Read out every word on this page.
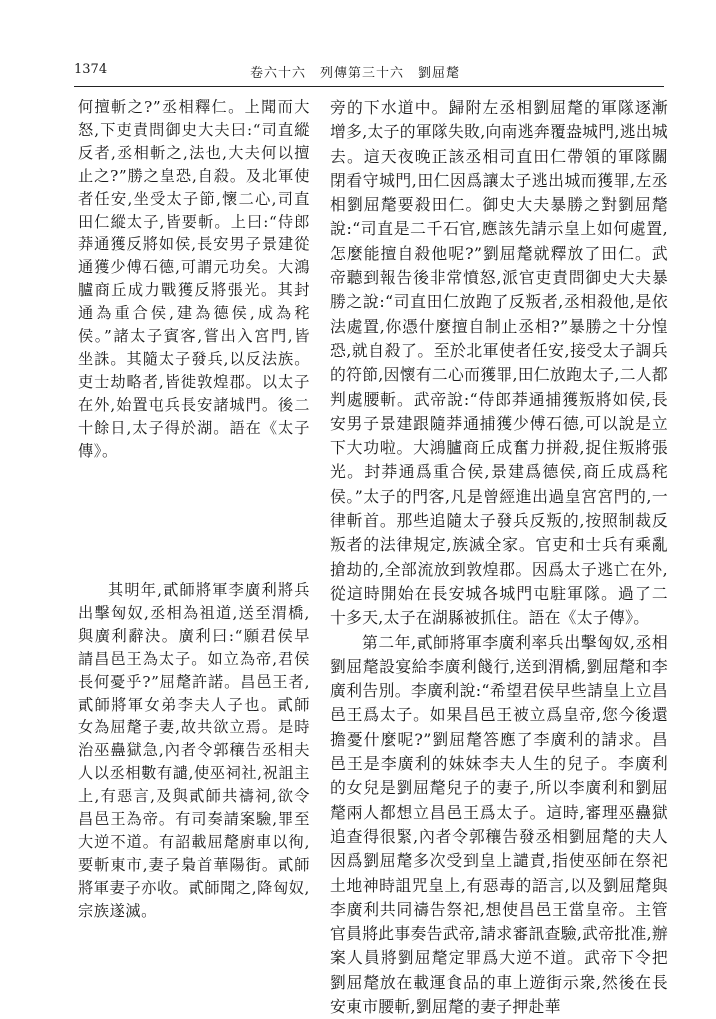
1374	卷六十六　列傳第三十六　劉屈氂

何擅斬之?”丞相釋仁。上聞而大怒,下吏責問御史大夫曰:“司直縱反者,丞相斬之,法也,大夫何以擅止之?”勝之皇恐,自殺。及北軍使者任安,坐受太子節,懷二心,司直田仁縱太子,皆要斬。上曰:“侍郎莽通獲反將如侯,長安男子景建從通獲少傅石德,可謂元功矣。大鴻臚商丘成力戰獲反將張光。其封通為重合侯,建為德侯,成為秺侯。”諸太子賓客,嘗出入宮門,皆坐誅。其隨太子發兵,以反法族。吏士劫略者,皆徙敦煌郡。以太子在外,始置屯兵長安諸城門。後二十餘日,太子得於湖。語在《太子傳》。

其明年,貳師將軍李廣利將兵出擊匈奴,丞相為祖道,送至渭橋,與廣利辭決。廣利曰:“願君侯早請昌邑王為太子。如立為帝,君侯長何憂乎?”屈氂許諾。昌邑王者,貳師將軍女弟李夫人子也。貳師女為屈氂子妻,故共欲立焉。是時治巫蠱獄急,內者令郭穰告丞相夫人以丞相數有譴,使巫祠社,祝詛主上,有惡言,及與貳師共禱祠,欲令昌邑王為帝。有司奏請案驗,罪至大逆不道。有詔載屈氂廚車以徇,要斬東市,妻子梟首華陽街。貳師將軍妻子亦收。貳師聞之,降匈奴,宗族遂滅。

旁的下水道中。歸附左丞相劉屈氂的軍隊逐漸增多,太子的軍隊失敗,向南逃奔覆盎城門,逃出城去。這天夜晚正該丞相司直田仁帶領的軍隊關閉看守城門,田仁因爲讓太子逃出城而獲罪,左丞相劉屈氂要殺田仁。御史大夫暴勝之對劉屈氂說:“司直是二千石官,應該先請示皇上如何處置,怎麼能擅自殺他呢?”劉屈氂就釋放了田仁。武帝聽到報告後非常憤怒,派官吏責問御史大夫暴勝之說:“司直田仁放跑了反叛者,丞相殺他,是依法處置,你憑什麼擅自制止丞相?”暴勝之十分惶恐,就自殺了。至於北軍使者任安,接受太子調兵的符節,因懷有二心而獲罪,田仁放跑太子,二人都判處腰斬。武帝說:“侍郎莽通捕獲叛將如侯,長安男子景建跟隨莽通捕獲少傅石德,可以說是立下大功啦。大鴻臚商丘成奮力拼殺,捉住叛將張光。封莽通爲重合侯,景建爲德侯,商丘成爲秺侯。”太子的門客,凡是曾經進出過皇宮宮門的,一律斬首。那些追隨太子發兵反叛的,按照制裁反叛者的法律規定,族滅全家。官吏和士兵有乘亂搶劫的,全部流放到敦煌郡。因爲太子逃亡在外,從這時開始在長安城各城門屯駐軍隊。過了二十多天,太子在湖縣被抓住。語在《太子傳》。

第二年,貳師將軍李廣利率兵出擊匈奴,丞相劉屈氂設宴給李廣利餞行,送到渭橋,劉屈氂和李廣利告別。李廣利說:“希望君侯早些請皇上立昌邑王爲太子。如果昌邑王被立爲皇帝,您今後還擔憂什麼呢?”劉屈氂答應了李廣利的請求。昌邑王是李廣利的妹妹李夫人生的兒子。李廣利的女兒是劉屈氂兒子的妻子,所以李廣利和劉屈氂兩人都想立昌邑王爲太子。這時,審理巫蠱獄追查得很緊,內者令郭穰告發丞相劉屈氂的夫人因爲劉屈氂多次受到皇上譴責,指使巫師在祭祀土地神時詛咒皇上,有惡毒的語言,以及劉屈氂與李廣利共同禱告祭祀,想使昌邑王當皇帝。主管官員將此事奏告武帝,請求審訊查驗,武帝批准,辦案人員將劉屈氂定罪爲大逆不道。武帝下令把劉屈氂放在載運食品的車上遊街示衆,然後在長安東市腰斬,劉屈氂的妻子押赴華
